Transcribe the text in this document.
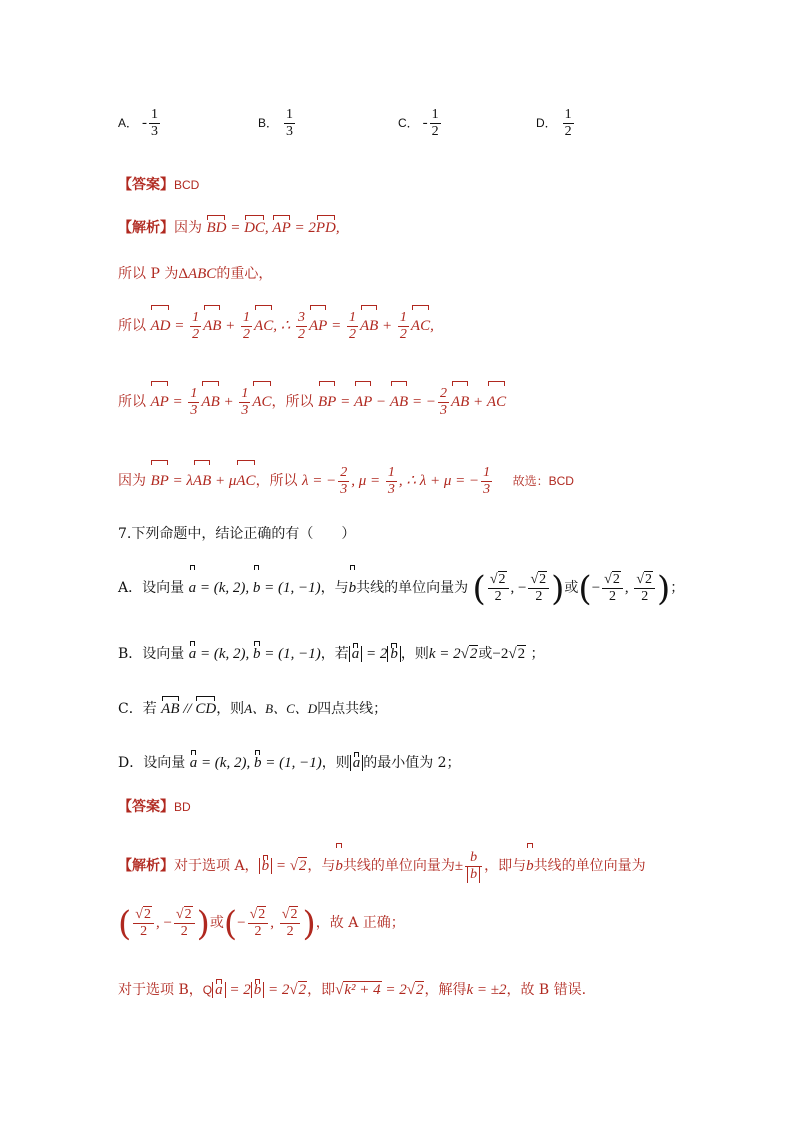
A． - $\frac{1}{3}$	B． $\frac{1}{3}$	C． - $\frac{1}{2}$	D． $\frac{1}{2}$
【答案】BCD
【解析】因为 BD = DC, AP = 2PD,
所以 P 为ΔABC的重心，
所以 AD = $\frac{1}{2}$ AB + $\frac{1}{2}$ AC, ∴ $\frac{3}{2}$ AP = $\frac{1}{2}$ AB + $\frac{1}{2}$ AC,
所以 AP = $\frac{1}{3}$ AB + $\frac{1}{3}$ AC，所以 BP = AP − AB = − $\frac{2}{3}$ AB + AC
因为 BP = λAB + μAC，所以 λ = − $\frac{2}{3}$ , $\mu = \frac{1}{3}$ , ∴ λ + μ = − $\frac{1}{3}$ 故选：BCD
7.下列命题中，结论正确的有（　　）
A．设向量 a = (k, 2), b = (1, −1)，与b共线的单位向量为 ( $\frac{√2}{2}$ , − $\frac{√2}{2}$ )或(− $\frac{√2}{2}$ , $\frac{√2}{2}$ )；
B．设向量 a = (k, 2), b = (1, −1)，若 a = 2 b ，则k = 2√2或−2√2 ；
C．若 AB // CD，则A、B、C、D四点共线；
D．设向量 a = (k, 2), b = (1, −1)，则 a 的最小值为 2；
【答案】BD
【解析】对于选项 A， b = √2，与b共线的单位向量为± $\frac{b}{b}$ ，即与b共线的单位向量为
( $\frac{√2}{2}$ , − $\frac{√2}{2}$ )或(− $\frac{√2}{2}$ , $\frac{√2}{2}$ )，故 A 正确；
对于选项 B，Q a = 2 b = 2√2，即√k² + 4 = 2√2，解得k = ±2，故 B 错误.
